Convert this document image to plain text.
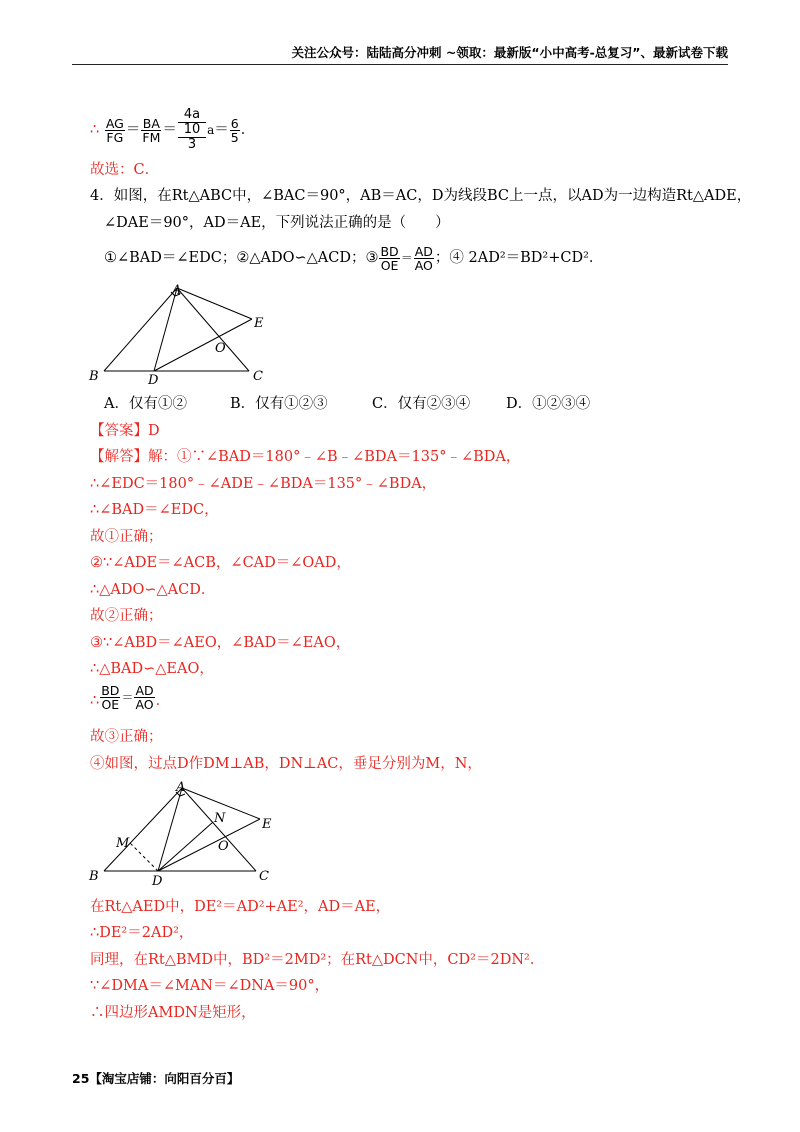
关注公众号：陆陆高分冲刺 ~领取：最新版“小中高考-总复习”、最新试卷下载
∴ $\frac{AG}{FG} = \frac{BA}{FM}$ ＝
4a
10
3
$a= \frac{6}{5}$ ．
故选：C．
4．如图，在Rt△ABC中，∠BAC＝90°，AB＝AC，D为线段BC上一点，以AD为一边构造Rt△ADE，
∠DAE＝90°，AD＝AE，下列说法正确的是（　　）
①∠BAD＝∠EDC；②△ADO∽△ACD；③ $\frac{BD}{OE} = \frac{AD}{AO}$ ；④ 2AD²＝BD²+CD²．
A
E
O
B	D	C
A．仅有①②	B．仅有①②③	C．仅有②③④ D．①②③④
【答案】D
【解答】解：①∵∠BAD＝180°﹣∠B﹣∠BDA＝135°﹣∠BDA，
∴∠EDC＝180°﹣∠ADE﹣∠BDA＝135°﹣∠BDA，
∴∠BAD＝∠EDC，
故①正确；
②∵∠ADE＝∠ACB，∠CAD＝∠OAD，
∴△ADO∽△ACD．
故②正确；
③∵∠ABD＝∠AEO，∠BAD＝∠EAO，
∴△BAD∽△EAO，
∴ $\frac{BD}{OE} = \frac{AD}{AO}$ ．
故③正确；
④如图，过点D作DM⊥AB，DN⊥AC，垂足分别为M，N，
A
N	E
M	O
B	D	C
在Rt△AED中，DE²＝AD²+AE²，AD＝AE，
∴DE²＝2AD²，
同理，在Rt△BMD中，BD²＝2MD²；在Rt△DCN中，CD²＝2DN²．
∵∠DMA＝∠MAN＝∠DNA＝90°，
∴四边形AMDN是矩形，
25【淘宝店铺：向阳百分百】
